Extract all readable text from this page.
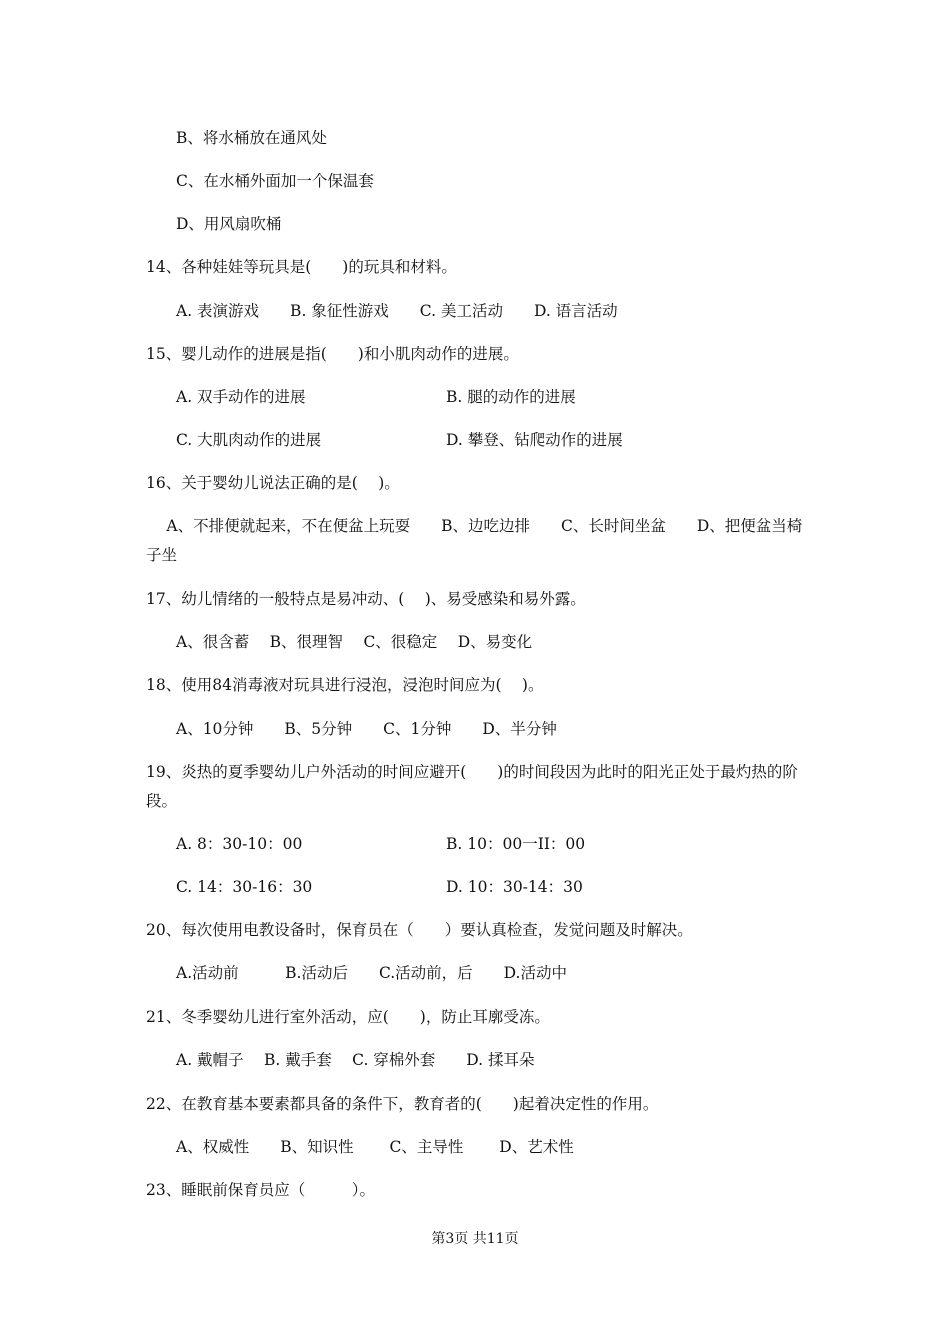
B、将水桶放在通风处

C、在水桶外面加一个保温套

D、用风扇吹桶

14、各种娃娃等玩具是(　　)的玩具和材料。

A. 表演游戏　　B. 象征性游戏　　C. 美工活动　　D. 语言活动

15、婴儿动作的进展是指(　　)和小肌肉动作的进展。

A. 双手动作的进展	B. 腿的动作的进展

C. 大肌肉动作的进展	D. 攀登、钻爬动作的进展

16、关于婴幼儿说法正确的是(　 )。

　 A、不排便就起来，不在便盆上玩耍　　B、边吃边排　　C、长时间坐盆　　D、把便盆当椅子坐

17、幼儿情绪的一般特点是易冲动、(　 )、易受感染和易外露。

A、很含蓄　 B、很理智　 C、很稳定　 D、易变化

18、使用84消毒液对玩具进行浸泡，浸泡时间应为(　 )。

A、10分钟　　B、5分钟　　C、1分钟　　D、半分钟

19、炎热的夏季婴幼儿户外活动的时间应避开(　　)的时间段因为此时的阳光正处于最灼热的阶段。

A. 8：30-10：00	B. 10：00一II：00

C. 14：30-16：30	D. 10：30-14：30

20、每次使用电教设备时，保育员在（　　）要认真检查，发觉问题及时解决。

A.活动前　　　B.活动后　　C.活动前，后　　D.活动中

21、冬季婴幼儿进行室外活动，应(　　)，防止耳廓受冻。

A. 戴帽子　 B. 戴手套　 C. 穿棉外套　　D. 揉耳朵

22、在教育基本要素都具备的条件下，教育者的(　　)起着决定性的作用。

A、权威性　　B、知识性　　 C、主导性　　 D、艺术性

23、睡眠前保育员应（　　　）。

第3页 共11页
